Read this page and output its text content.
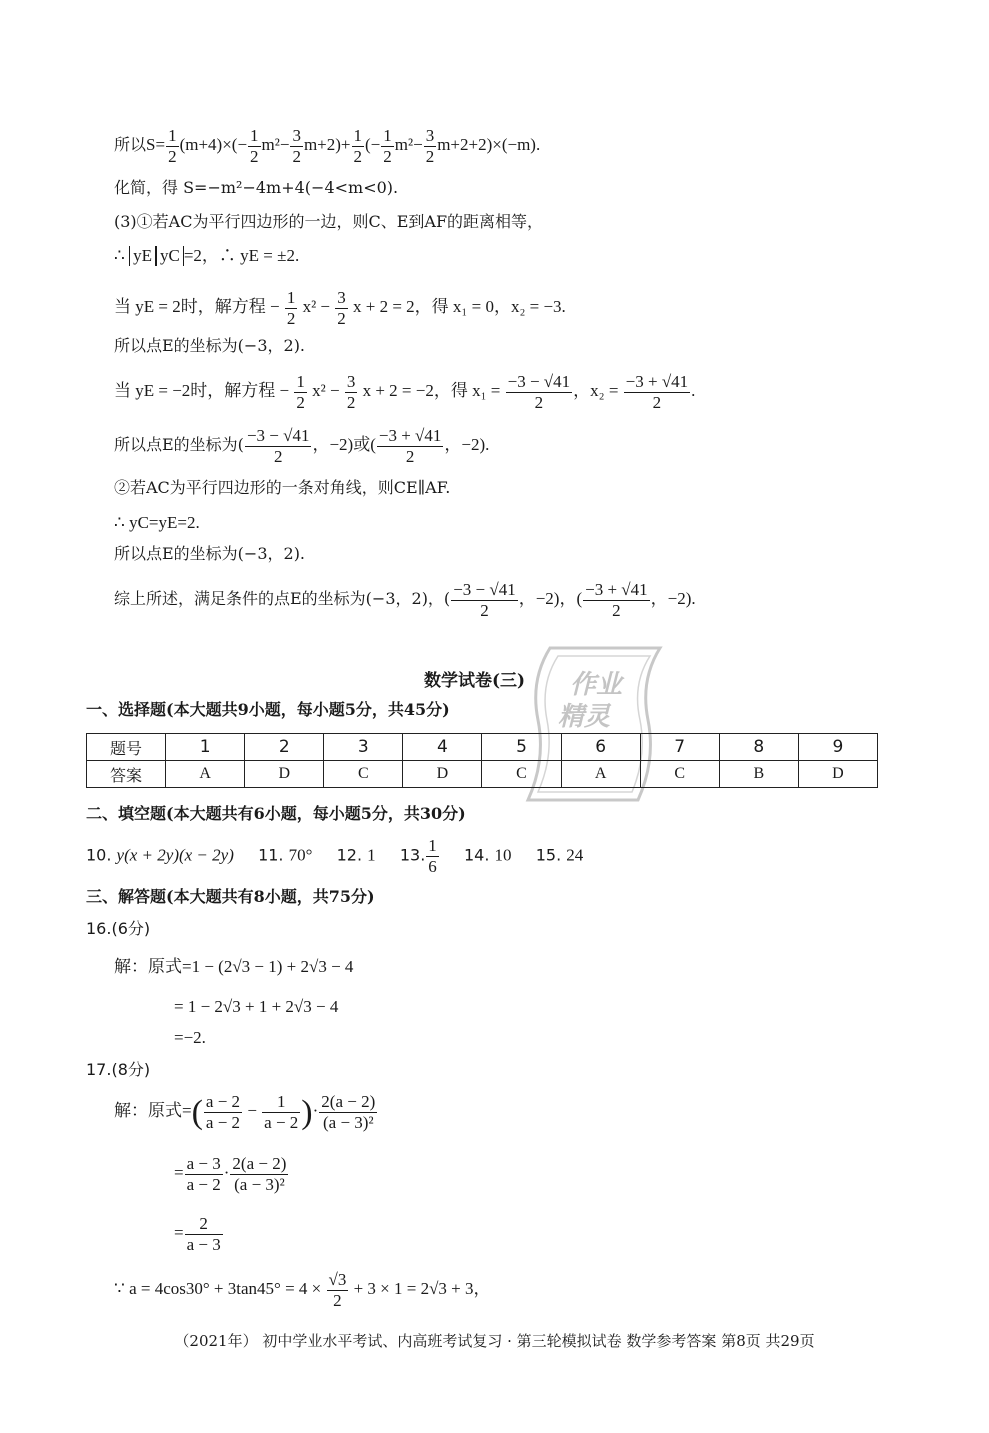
所以$S= \frac{1}{2} (m+4)\times(- \frac{1}{2} m^2- \frac{3}{2} m+2)+ \frac{1}{2}$ (− $\frac{1}{2} m^2- \frac{3}{2} m+2+2)\times(-m)$.
化简，得 S=−m²−4m+4(−4<m<0).
(3)①若AC为平行四边形的一边，则C、E到AF的距离相等，
∴ yE yC =2，∴ yE = ±2.
当 yE = 2时，解方程 − $\frac{1}{2} x^2 - \frac{3}{2}$ x + 2 = 2，得 x₁ = 0，x₂ = −3.
所以点E的坐标为(−3，2).
当 yE = −2时，解方程 − $\frac{1}{2} x^2 - \frac{3}{2}$ x + 2 = −2，得 $x_1 = \frac{-3 - √41}{2}$ ，$x_2 = \frac{-3 + √41}{2}$ .
所以点E的坐标为( $\frac{-3 - √41}{2}$ ，−2)或( $\frac{-3 + √41}{2}$ ，−2).
②若AC为平行四边形的一条对角线，则CE∥AF.
∴ yC=yE=2.
所以点E的坐标为(−3，2).
综上所述，满足条件的点E的坐标为(−3，2)，( $\frac{-3 - √41}{2}$ ，−2)，( $\frac{-3 + √41}{2}$ ，−2).
作业
精灵
数学试卷(三)
一、选择题(本大题共9小题，每小题5分，共45分)
题号	1	2	3	4	5	6	7	8	9
答案	A	D	C	D	C	A	C	B	D
二、填空题(本大题共有6小题，每小题5分，共30分)
10. y(x + 2y)(x − 2y) 11. 70° 12. 1 13. $\frac{1}{6} 14$. 10 15. 24
三、解答题(本大题共有8小题，共75分)
16.(6分)
解：原式=1 − (2√3 − 1) + 2√3 − 4
= 1 − 2√3 + 1 + 2√3 − 4
=−2.
17.(8分)
解：原式=( $\frac{a - 2}{a - 2} - \frac{1}{a - 2}$ )· $\frac{2(a - 2)}{\text{(a − 3)²}}$
= $\frac{a - 3}{a - 2} \cdot \frac{2(a - 2)}{\text{(a − 3)²}}$
= $\frac{2}{a - 3}$
∵ $a = 4\cos 30^\circ + 3\tan 45^\circ = 4 \times \frac{√3}{2} + 3 \times 1 = 2√3 + 3$，
（2021年） 初中学业水平考试、内高班考试复习 · 第三轮模拟试卷 数学参考答案 第8页 共29页
